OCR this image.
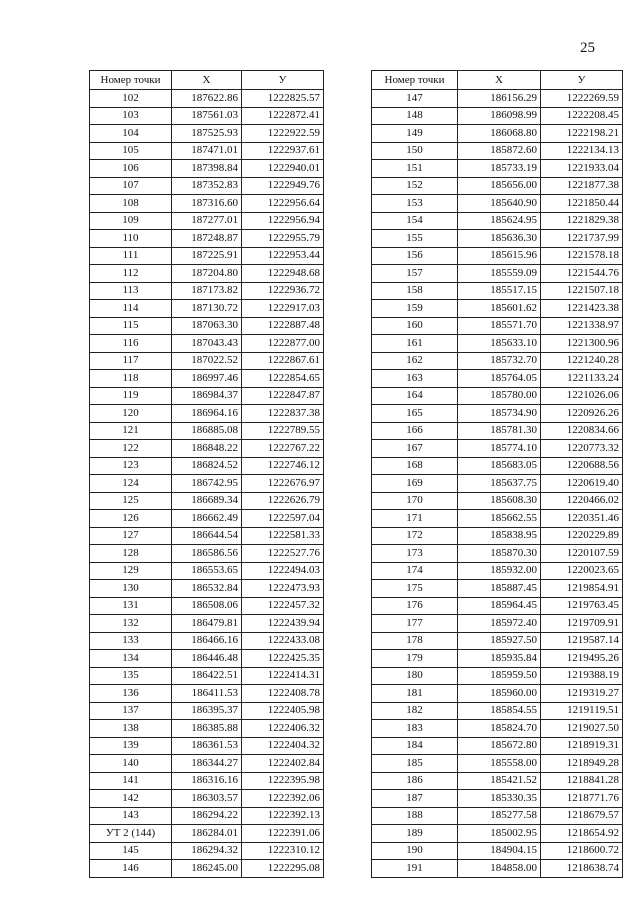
25
Номер точки	Х	У
102	187622.86	1222825.57
103	187561.03	1222872.41
104	187525.93	1222922.59
105	187471.01	1222937.61
106	187398.84	1222940.01
107	187352.83	1222949.76
108	187316.60	1222956.64
109	187277.01	1222956.94
110	187248.87	1222955.79
111	187225.91	1222953.44
112	187204.80	1222948.68
113	187173.82	1222936.72
114	187130.72	1222917.03
115	187063.30	1222887.48
116	187043.43	1222877.00
117	187022.52	1222867.61
118	186997.46	1222854.65
119	186984.37	1222847.87
120	186964.16	1222837.38
121	186885.08	1222789.55
122	186848.22	1222767.22
123	186824.52	1222746.12
124	186742.95	1222676.97
125	186689.34	1222626.79
126	186662.49	1222597.04
127	186644.54	1222581.33
128	186586.56	1222527.76
129	186553.65	1222494.03
130	186532.84	1222473.93
131	186508.06	1222457.32
132	186479.81	1222439.94
133	186466.16	1222433.08
134	186446.48	1222425.35
135	186422.51	1222414.31
136	186411.53	1222408.78
137	186395.37	1222405.98
138	186385.88	1222406.32
139	186361.53	1222404.32
140	186344.27	1222402.84
141	186316.16	1222395.98
142	186303.57	1222392.06
143	186294.22	1222392.13
УТ 2 (144)	186284.01	1222391.06
145	186294.32	1222310.12
146	186245.00	1222295.08
Номер точки	Х	У
147	186156.29	1222269.59
148	186098.99	1222208.45
149	186068.80	1222198.21
150	185872.60	1222134.13
151	185733.19	1221933.04
152	185656.00	1221877.38
153	185640.90	1221850.44
154	185624.95	1221829.38
155	185636.30	1221737.99
156	185615.96	1221578.18
157	185559.09	1221544.76
158	185517.15	1221507.18
159	185601.62	1221423.38
160	185571.70	1221338.97
161	185633.10	1221300.96
162	185732.70	1221240.28
163	185764.05	1221133.24
164	185780.00	1221026.06
165	185734.90	1220926.26
166	185781.30	1220834.66
167	185774.10	1220773.32
168	185683.05	1220688.56
169	185637.75	1220619.40
170	185608.30	1220466.02
171	185662.55	1220351.46
172	185838.95	1220229.89
173	185870.30	1220107.59
174	185932.00	1220023.65
175	185887.45	1219854.91
176	185964.45	1219763.45
177	185972.40	1219709.91
178	185927.50	1219587.14
179	185935.84	1219495.26
180	185959.50	1219388.19
181	185960.00	1219319.27
182	185854.55	1219119.51
183	185824.70	1219027.50
184	185672.80	1218919.31
185	185558.00	1218949.28
186	185421.52	1218841.28
187	185330.35	1218771.76
188	185277.58	1218679.57
189	185002.95	1218654.92
190	184904.15	1218600.72
191	184858.00	1218638.74
